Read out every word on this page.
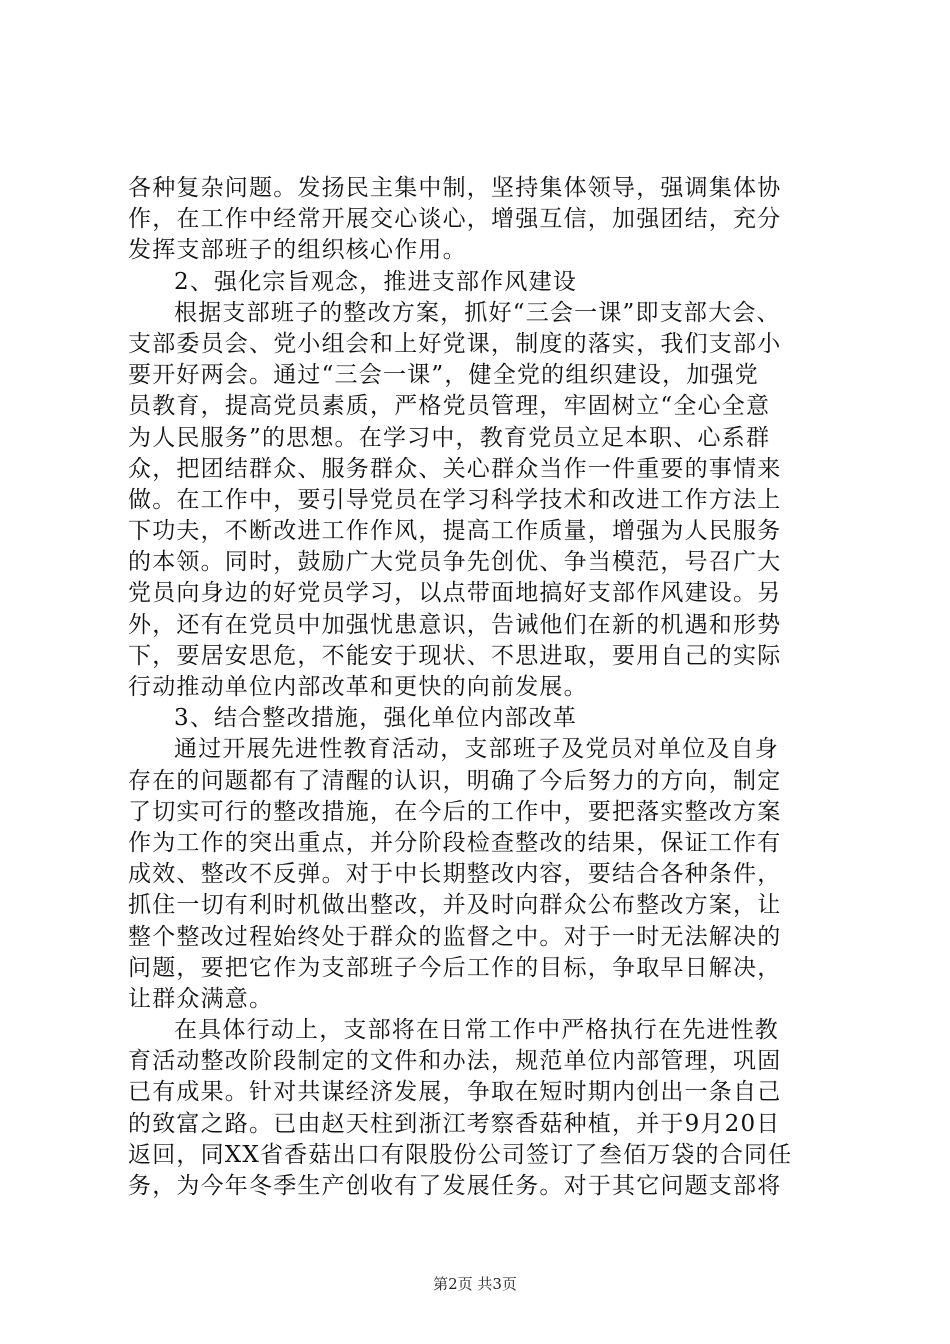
各种复杂问题。发扬民主集中制，坚持集体领导，强调集体协
作，在工作中经常开展交心谈心，增强互信，加强团结，充分
发挥支部班子的组织核心作用。
2、强化宗旨观念，推进支部作风建设
根据支部班子的整改方案，抓好“三会一课”即支部大会、
支部委员会、党小组会和上好党课，制度的落实，我们支部小
要开好两会。通过“三会一课”，健全党的组织建设，加强党
员教育，提高党员素质，严格党员管理，牢固树立“全心全意
为人民服务”的思想。在学习中，教育党员立足本职、心系群
众，把团结群众、服务群众、关心群众当作一件重要的事情来
做。在工作中，要引导党员在学习科学技术和改进工作方法上
下功夫，不断改进工作作风，提高工作质量，增强为人民服务
的本领。同时，鼓励广大党员争先创优、争当模范，号召广大
党员向身边的好党员学习，以点带面地搞好支部作风建设。另
外，还有在党员中加强忧患意识，告诫他们在新的机遇和形势
下，要居安思危，不能安于现状、不思进取，要用自己的实际
行动推动单位内部改革和更快的向前发展。
3、结合整改措施，强化单位内部改革
通过开展先进性教育活动，支部班子及党员对单位及自身
存在的问题都有了清醒的认识，明确了今后努力的方向，制定
了切实可行的整改措施，在今后的工作中，要把落实整改方案
作为工作的突出重点，并分阶段检查整改的结果，保证工作有
成效、整改不反弹。对于中长期整改内容，要结合各种条件，
抓住一切有利时机做出整改，并及时向群众公布整改方案，让
整个整改过程始终处于群众的监督之中。对于一时无法解决的
问题，要把它作为支部班子今后工作的目标，争取早日解决，
让群众满意。
在具体行动上，支部将在日常工作中严格执行在先进性教
育活动整改阶段制定的文件和办法，规范单位内部管理，巩固
已有成果。针对共谋经济发展，争取在短时期内创出一条自己
的致富之路。已由赵天柱到浙江考察香菇种植，并于9月20日
返回，同XX省香菇出口有限股份公司签订了叁佰万袋的合同任
务，为今年冬季生产创收有了发展任务。对于其它问题支部将
第2页 共3页
